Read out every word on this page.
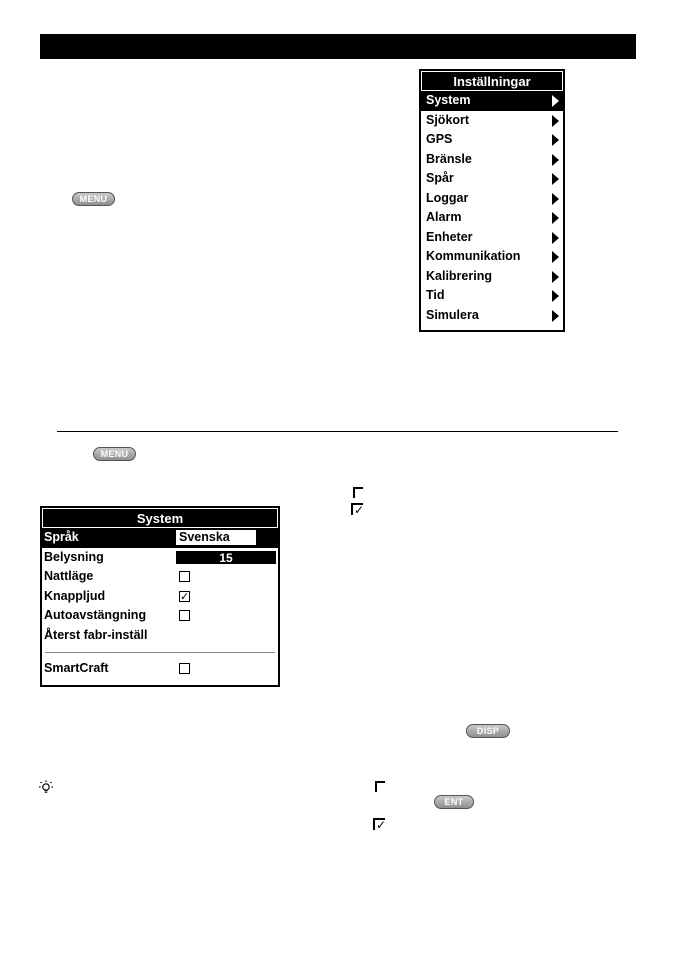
MENU
Inställningar
System
Sjökort
GPS
Bränsle
Spår
Loggar
Alarm
Enheter
Kommunikation
Kalibrering
Tid
Simulera
MENU
System
Språk	Svenska
Belysning	15
Nattläge
Knappljud	✓
Autoavstängning
Återst fabr-inställ
SmartCraft
✓
DISP
ENT
✓
